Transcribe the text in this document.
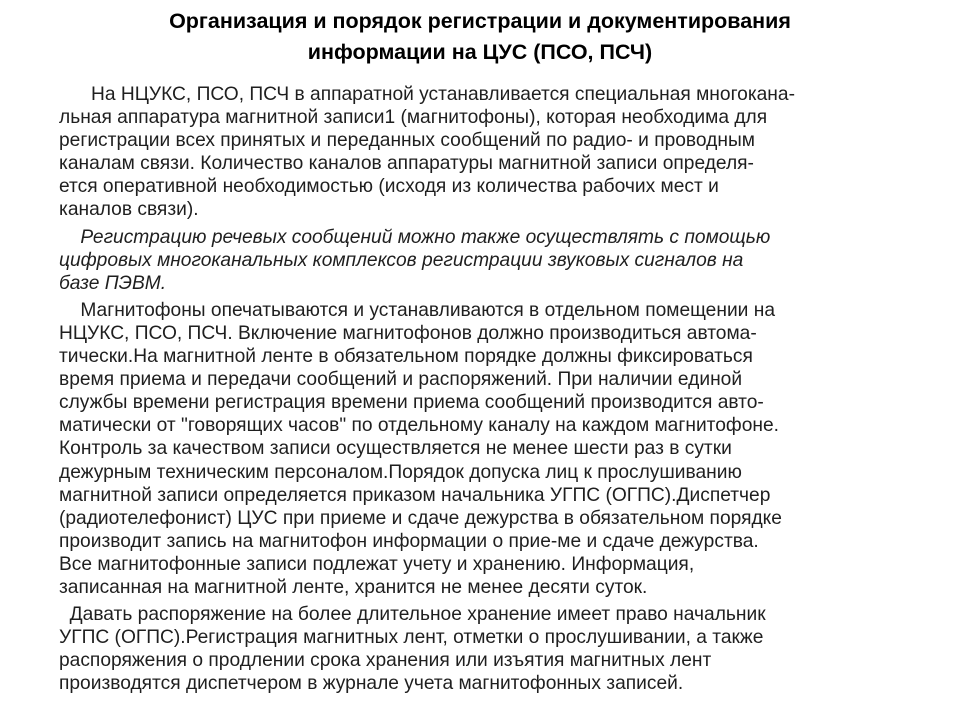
Организация и порядок регистрации и документирования
информации на ЦУС (ПСО, ПСЧ)

На НЦУКС, ПСО, ПСЧ в аппаратной устанавливается специальная многокана-
льная аппаратура магнитной записи1 (магнитофоны), которая необходима для
регистрации всех принятых и переданных сообщений по радио- и проводным
каналам связи. Количество каналов аппаратуры магнитной записи определя-
ется оперативной необходимостью (исходя из количества рабочих мест и
каналов связи).
Регистрацию речевых сообщений можно также осуществлять с помощью
цифровых многоканальных комплексов регистрации звуковых сигналов на
базе ПЭВМ.
Магнитофоны опечатываются и устанавливаются в отдельном помещении на
НЦУКС, ПСО, ПСЧ. Включение магнитофонов должно производиться автома-
тически.На магнитной ленте в обязательном порядке должны фиксироваться
время приема и передачи сообщений и распоряжений. При наличии единой
службы времени регистрация времени приема сообщений производится авто-
матически от "говорящих часов" по отдельному каналу на каждом магнитофоне.
Контроль за качеством записи осуществляется не менее шести раз в сутки
дежурным техническим персоналом.Порядок допуска лиц к прослушиванию
магнитной записи определяется приказом начальника УГПС (ОГПС).Диспетчер
(радиотелефонист) ЦУС при приеме и сдаче дежурства в обязательном порядке
производит запись на магнитофон информации о прие-ме и сдаче дежурства.
Все магнитофонные записи подлежат учету и хранению. Информация,
записанная на магнитной ленте, хранится не менее десяти суток.
Давать распоряжение на более длительное хранение имеет право начальник
УГПС (ОГПС).Регистрация магнитных лент, отметки о прослушивании, а также
распоряжения о продлении срока хранения или изъятия магнитных лент
производятся диспетчером в журнале учета магнитофонных записей.
